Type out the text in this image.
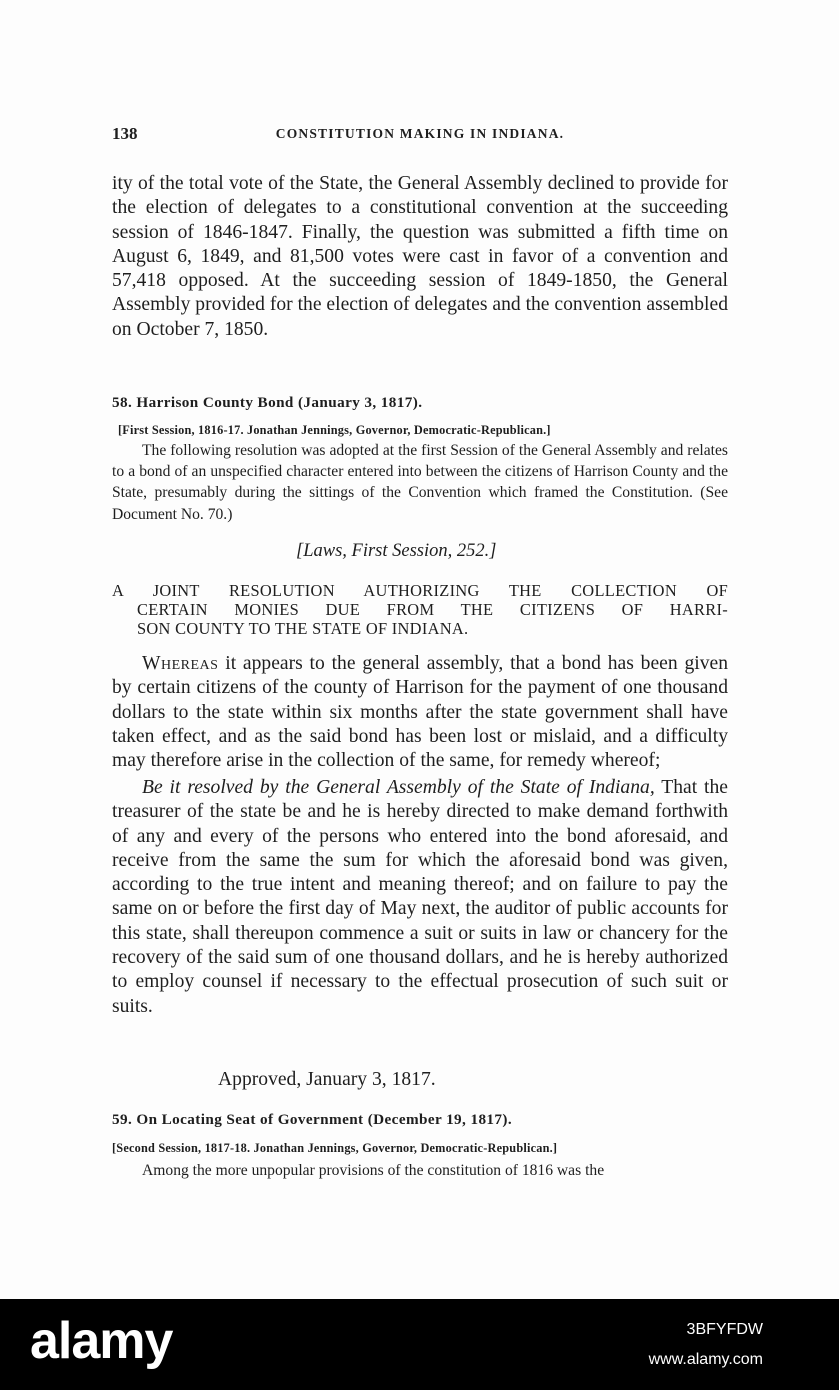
138	CONSTITUTION MAKING IN INDIANA.

ity of the total vote of the State, the General Assembly declined to provide for the election of delegates to a constitutional convention at the succeeding session of 1846-1847. Finally, the question was submitted a fifth time on August 6, 1849, and 81,500 votes were cast in favor of a convention and 57,418 opposed. At the succeeding session of 1849-1850, the General Assembly provided for the election of delegates and the convention assembled on October 7, 1850.

58. Harrison County Bond (January 3, 1817).
[First Session, 1816-17. Jonathan Jennings, Governor, Democratic-Republican.]

The following resolution was adopted at the first Session of the General Assembly and relates to a bond of an unspecified character entered into between the citizens of Harrison County and the State, presumably during the sittings of the Convention which framed the Constitution. (See Document No. 70.)

[Laws, First Session, 252.]
A JOINT RESOLUTION AUTHORIZING THE COLLECTION OF
CERTAIN MONIES DUE FROM THE CITIZENS OF HARRI-
SON COUNTY TO THE STATE OF INDIANA.

Whereas it appears to the general assembly, that a bond has been given by certain citizens of the county of Harrison for the payment of one thousand dollars to the state within six months after the state government shall have taken effect, and as the said bond has been lost or mislaid, and a difficulty may therefore arise in the collection of the same, for remedy whereof;

Be it resolved by the General Assembly of the State of Indiana, That the treasurer of the state be and he is hereby directed to make demand forthwith of any and every of the persons who entered into the bond aforesaid, and receive from the same the sum for which the aforesaid bond was given, according to the true intent and meaning thereof; and on failure to pay the same on or before the first day of May next, the auditor of public accounts for this state, shall thereupon commence a suit or suits in law or chancery for the recovery of the said sum of one thousand dollars, and he is hereby authorized to employ counsel if necessary to the effectual prosecution of such suit or suits.

Approved, January 3, 1817.
59. On Locating Seat of Government (December 19, 1817).
[Second Session, 1817-18. Jonathan Jennings, Governor, Democratic-Republican.]
Among the more unpopular provisions of the constitution of 1816 was the
alamy	3BFYFDW
www.alamy.com
